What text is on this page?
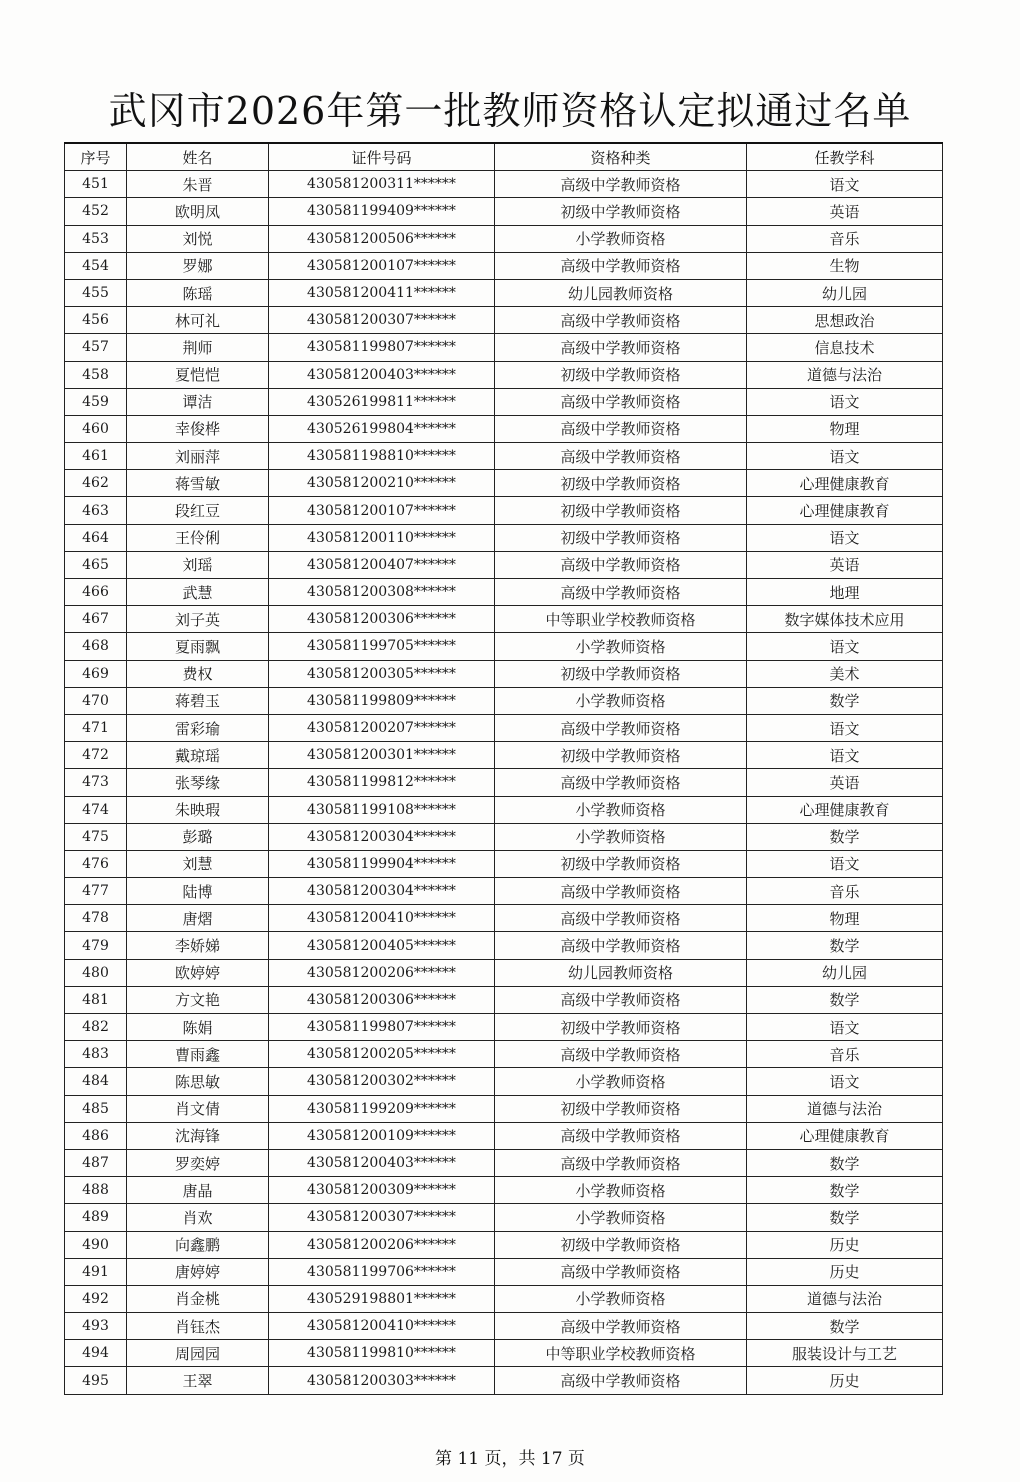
武冈市2026年第一批教师资格认定拟通过名单
序号	姓名	证件号码	资格种类	任教学科
451	朱晋	430581200311******	高级中学教师资格	语文
452	欧明凤	430581199409******	初级中学教师资格	英语
453	刘悦	430581200506******	小学教师资格	音乐
454	罗娜	430581200107******	高级中学教师资格	生物
455	陈瑶	430581200411******	幼儿园教师资格	幼儿园
456	林可礼	430581200307******	高级中学教师资格	思想政治
457	荆师	430581199807******	高级中学教师资格	信息技术
458	夏恺恺	430581200403******	初级中学教师资格	道德与法治
459	谭洁	430526199811******	高级中学教师资格	语文
460	幸俊桦	430526199804******	高级中学教师资格	物理
461	刘丽萍	430581198810******	高级中学教师资格	语文
462	蒋雪敏	430581200210******	初级中学教师资格	心理健康教育
463	段红豆	430581200107******	初级中学教师资格	心理健康教育
464	王伶俐	430581200110******	初级中学教师资格	语文
465	刘瑶	430581200407******	高级中学教师资格	英语
466	武慧	430581200308******	高级中学教师资格	地理
467	刘子英	430581200306******	中等职业学校教师资格	数字媒体技术应用
468	夏雨飘	430581199705******	小学教师资格	语文
469	费权	430581200305******	初级中学教师资格	美术
470	蒋碧玉	430581199809******	小学教师资格	数学
471	雷彩瑜	430581200207******	高级中学教师资格	语文
472	戴琼瑶	430581200301******	初级中学教师资格	语文
473	张琴缘	430581199812******	高级中学教师资格	英语
474	朱映瑕	430581199108******	小学教师资格	心理健康教育
475	彭璐	430581200304******	小学教师资格	数学
476	刘慧	430581199904******	初级中学教师资格	语文
477	陆博	430581200304******	高级中学教师资格	音乐
478	唐熠	430581200410******	高级中学教师资格	物理
479	李娇娣	430581200405******	高级中学教师资格	数学
480	欧婷婷	430581200206******	幼儿园教师资格	幼儿园
481	方文艳	430581200306******	高级中学教师资格	数学
482	陈娟	430581199807******	初级中学教师资格	语文
483	曹雨鑫	430581200205******	高级中学教师资格	音乐
484	陈思敏	430581200302******	小学教师资格	语文
485	肖文倩	430581199209******	初级中学教师资格	道德与法治
486	沈海锋	430581200109******	高级中学教师资格	心理健康教育
487	罗奕婷	430581200403******	高级中学教师资格	数学
488	唐晶	430581200309******	小学教师资格	数学
489	肖欢	430581200307******	小学教师资格	数学
490	向鑫鹏	430581200206******	初级中学教师资格	历史
491	唐婷婷	430581199706******	高级中学教师资格	历史
492	肖金桃	430529198801******	小学教师资格	道德与法治
493	肖钰杰	430581200410******	高级中学教师资格	数学
494	周园园	430581199810******	中等职业学校教师资格	服装设计与工艺
495	王翠	430581200303******	高级中学教师资格	历史
第 11 页，共 17 页
